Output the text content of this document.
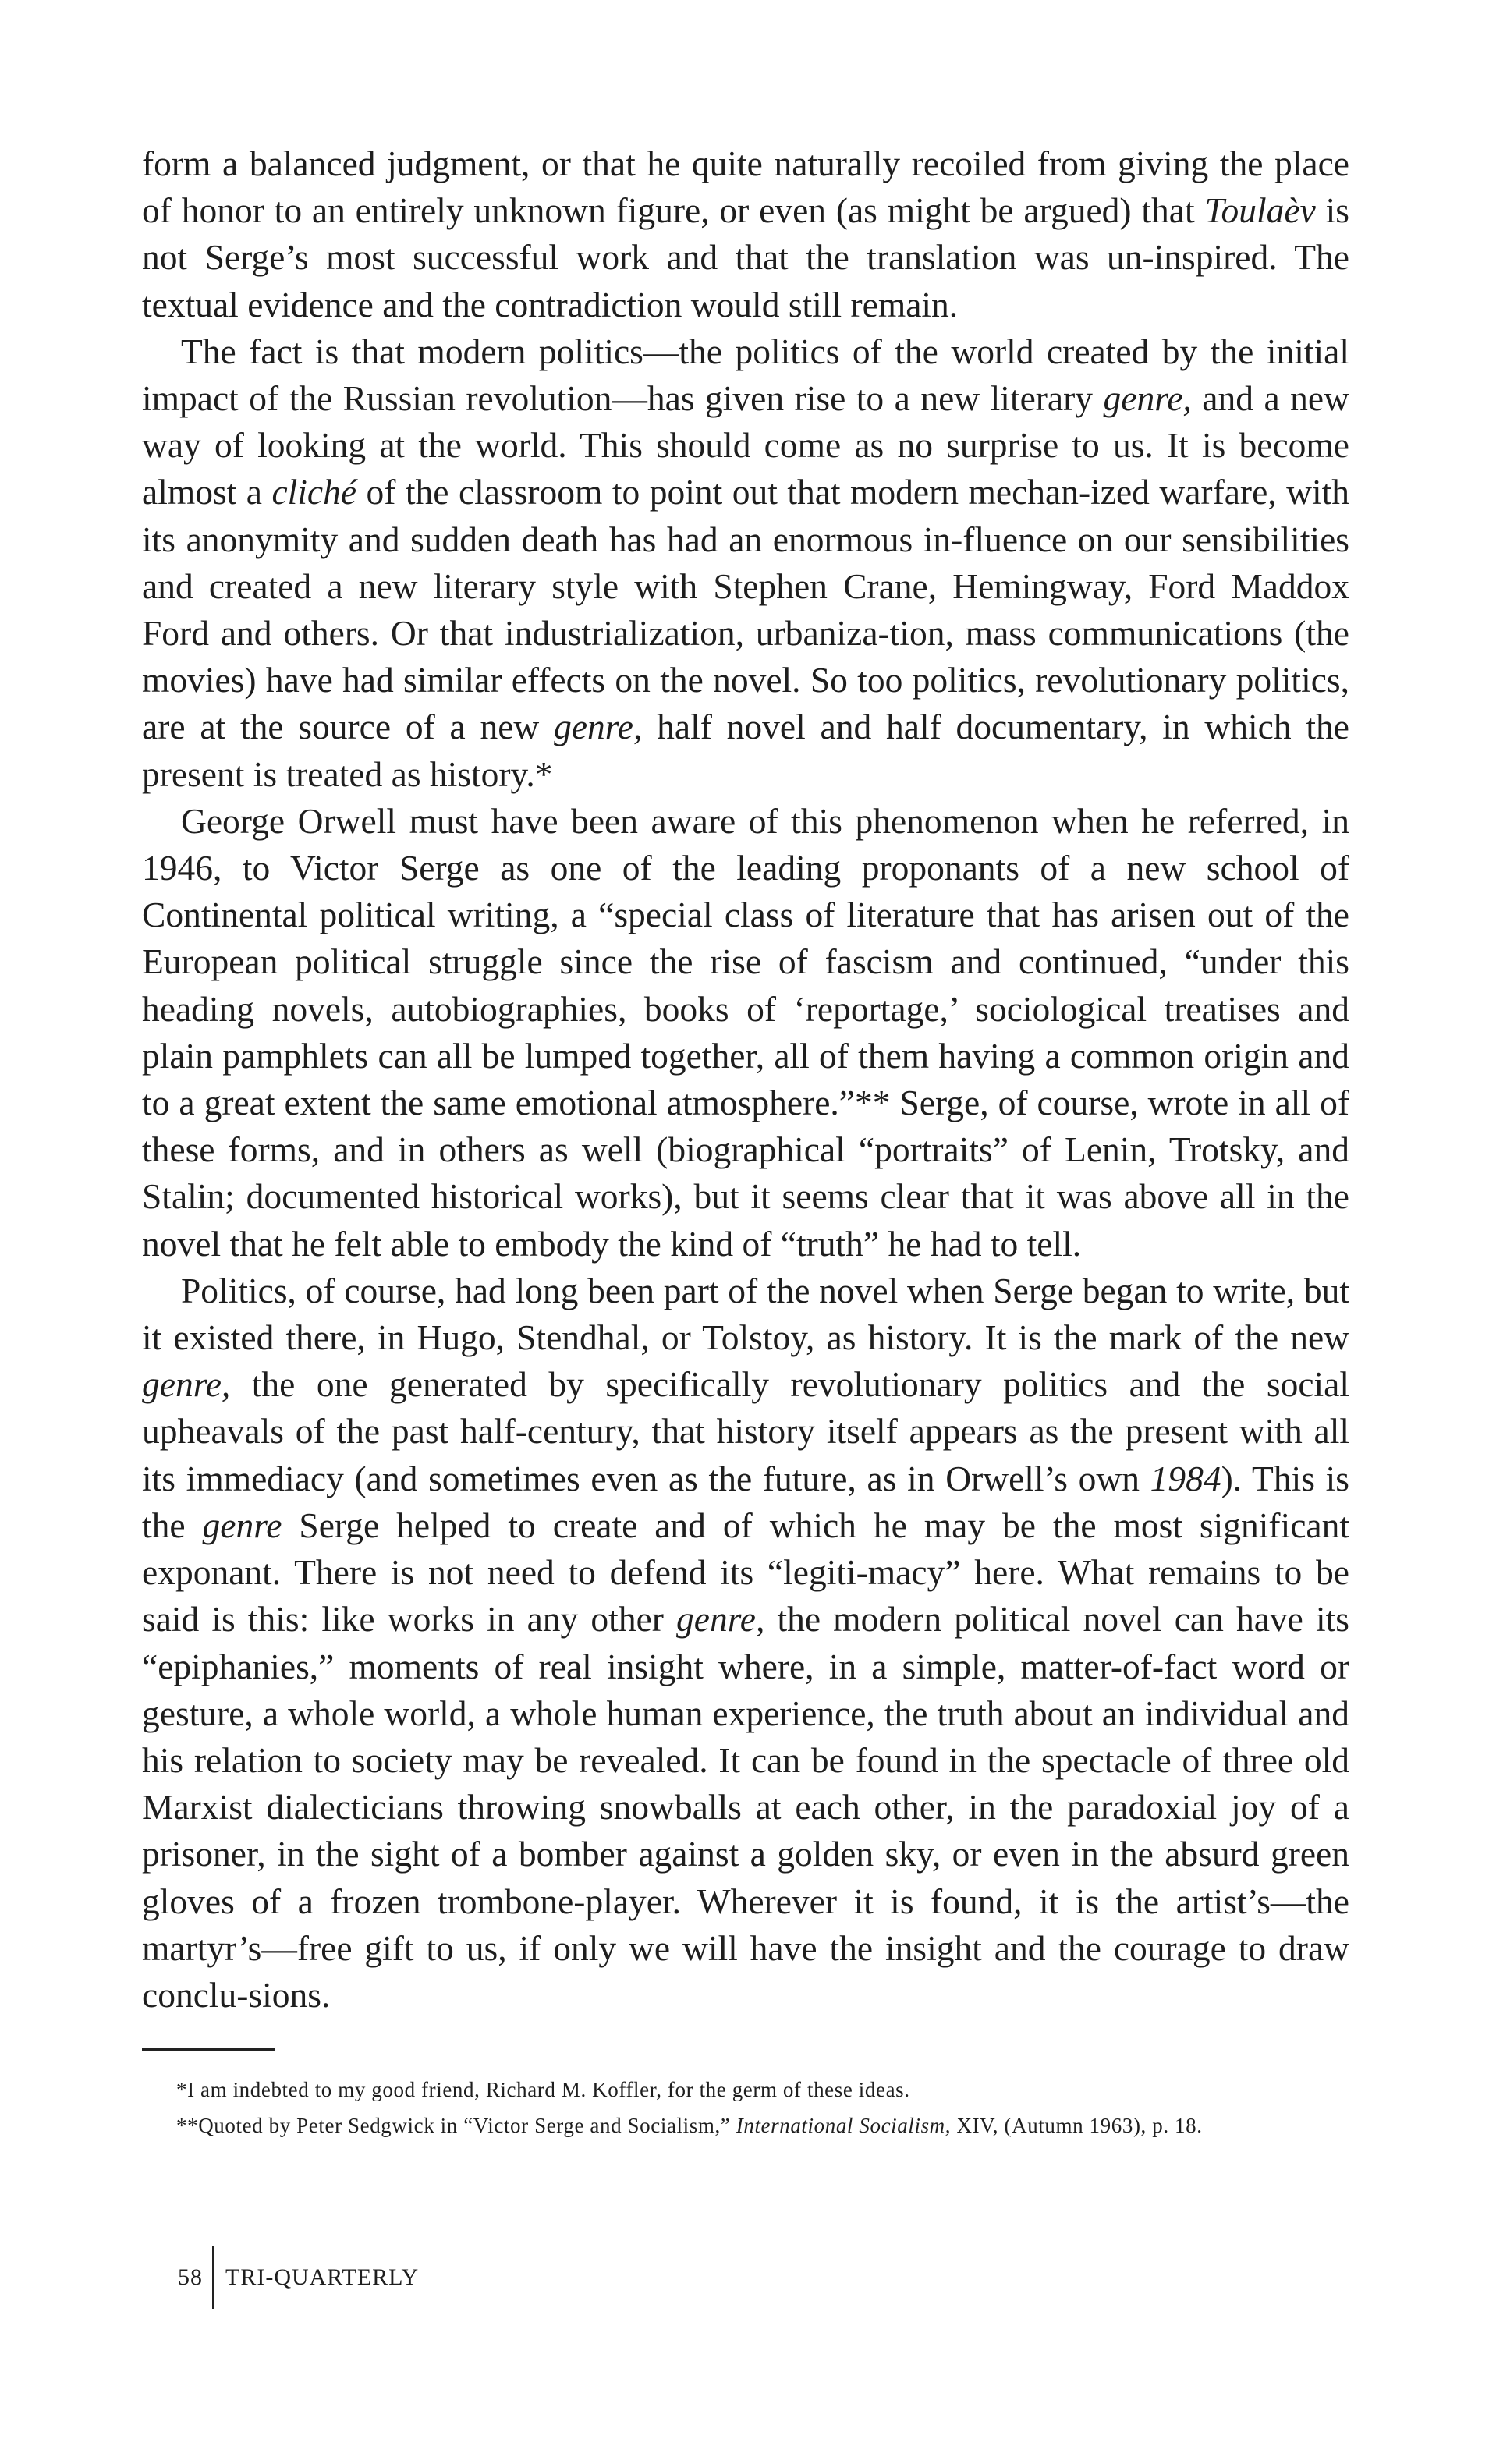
form a balanced judgment, or that he quite naturally recoiled from giving the place of honor to an entirely unknown figure, or even (as might be argued) that Toulaèv is not Serge’s most successful work and that the translation was un-inspired. The textual evidence and the contradiction would still remain.

The fact is that modern politics—the politics of the world created by the initial impact of the Russian revolution—has given rise to a new literary genre, and a new way of looking at the world. This should come as no surprise to us. It is become almost a cliché of the classroom to point out that modern mechan-ized warfare, with its anonymity and sudden death has had an enormous in-fluence on our sensibilities and created a new literary style with Stephen Crane, Hemingway, Ford Maddox Ford and others. Or that industrialization, urbaniza-tion, mass communications (the movies) have had similar effects on the novel. So too politics, revolutionary politics, are at the source of a new genre, half novel and half documentary, in which the present is treated as history.*

George Orwell must have been aware of this phenomenon when he referred, in 1946, to Victor Serge as one of the leading proponants of a new school of Continental political writing, a “special class of literature that has arisen out of the European political struggle since the rise of fascism and continued, “under this heading novels, autobiographies, books of ‘reportage,’ sociological treatises and plain pamphlets can all be lumped together, all of them having a common origin and to a great extent the same emotional atmosphere.”** Serge, of course, wrote in all of these forms, and in others as well (biographical “portraits” of Lenin, Trotsky, and Stalin; documented historical works), but it seems clear that it was above all in the novel that he felt able to embody the kind of “truth” he had to tell.

Politics, of course, had long been part of the novel when Serge began to write, but it existed there, in Hugo, Stendhal, or Tolstoy, as history. It is the mark of the new genre, the one generated by specifically revolutionary politics and the social upheavals of the past half-century, that history itself appears as the present with all its immediacy (and sometimes even as the future, as in Orwell’s own 1984). This is the genre Serge helped to create and of which he may be the most significant exponant. There is not need to defend its “legiti-macy” here. What remains to be said is this: like works in any other genre, the modern political novel can have its “epiphanies,” moments of real insight where, in a simple, matter-of-fact word or gesture, a whole world, a whole human experience, the truth about an individual and his relation to society may be revealed. It can be found in the spectacle of three old Marxist dialecticians throwing snowballs at each other, in the paradoxial joy of a prisoner, in the sight of a bomber against a golden sky, or even in the absurd green gloves of a frozen trombone-player. Wherever it is found, it is the artist’s—the martyr’s—free gift to us, if only we will have the insight and the courage to draw conclu-sions.

*I am indebted to my good friend, Richard M. Koffler, for the germ of these ideas.

**Quoted by Peter Sedgwick in “Victor Serge and Socialism,” International Socialism, XIV, (Autumn 1963), p. 18.

58 TRI-QUARTERLY
